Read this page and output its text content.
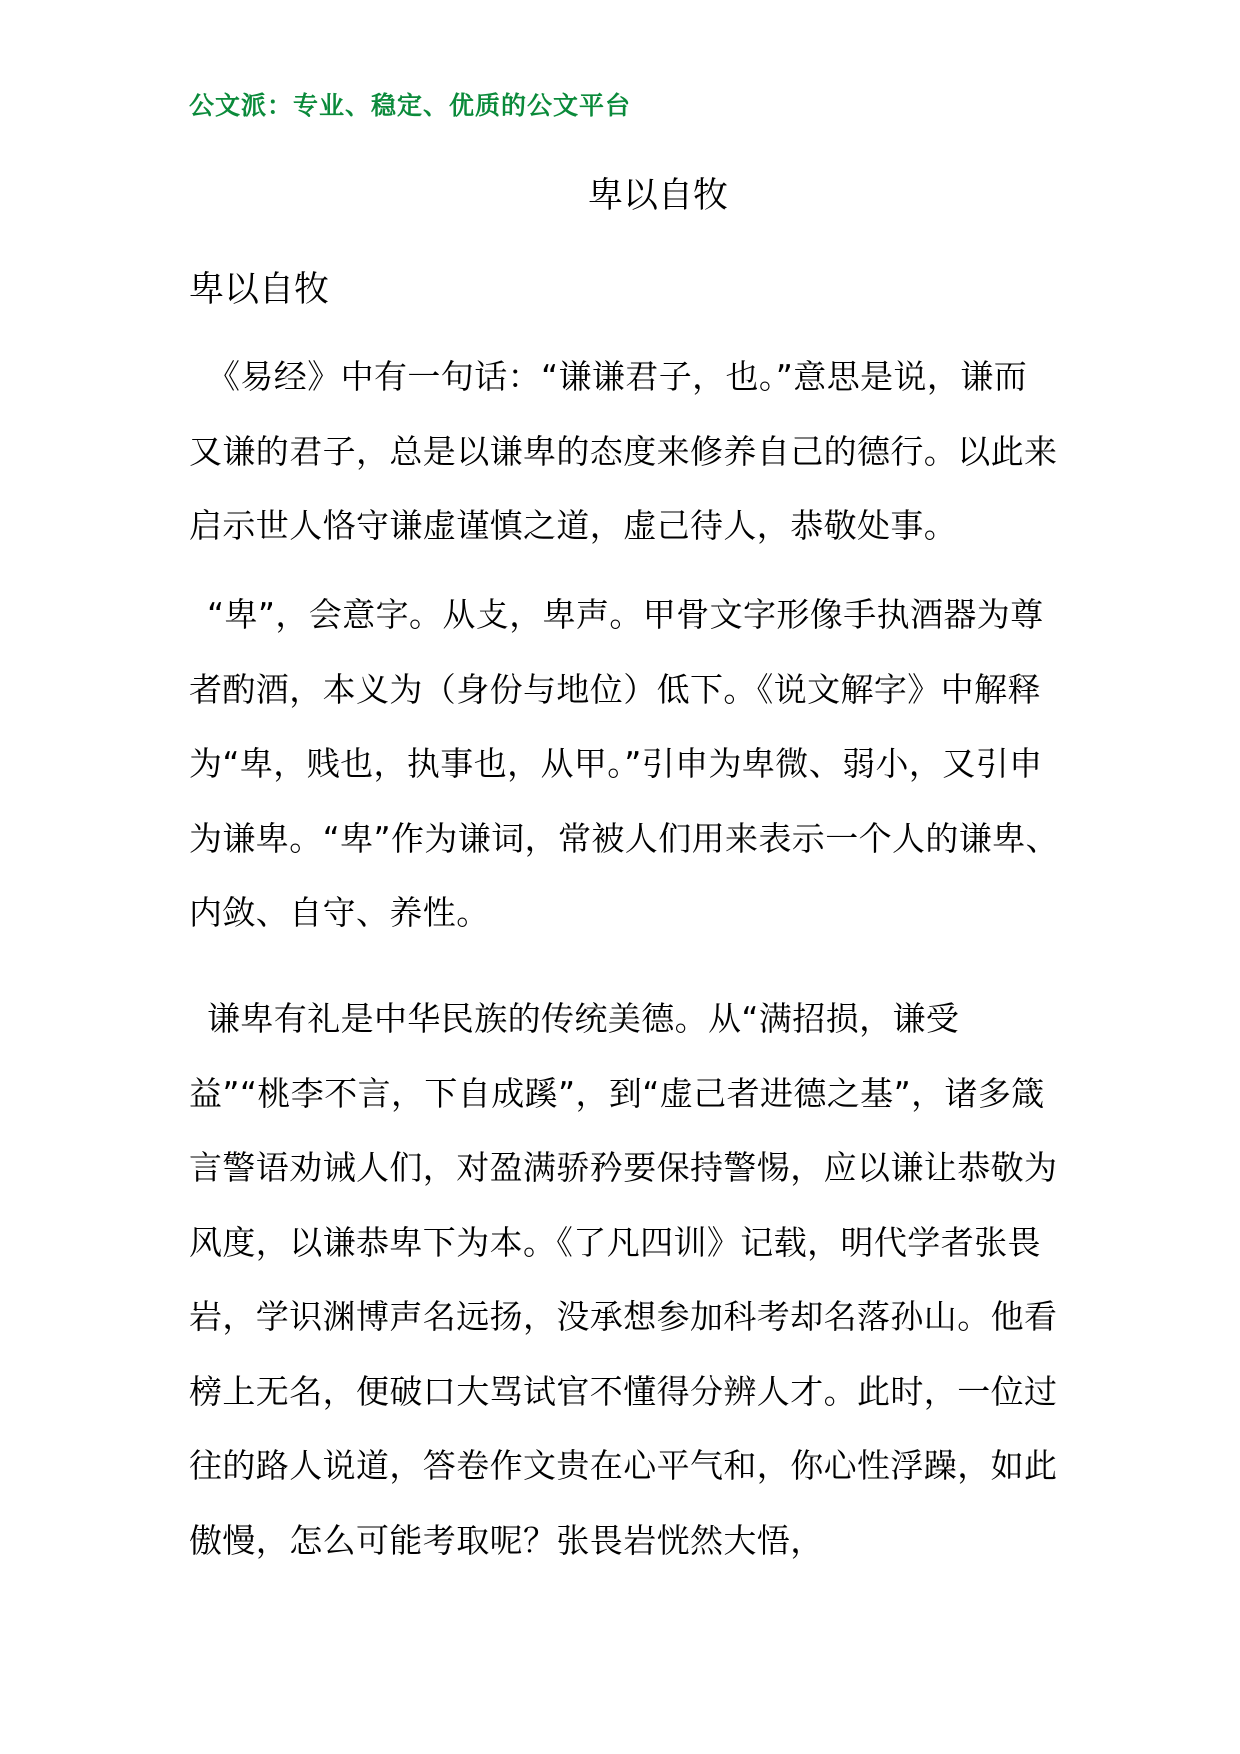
公文派：专业、稳定、优质的公文平台
卑以自牧
卑以自牧

《易经》中有一句话：“谦谦君子，也。”意思是说，谦而又谦的君子，总是以谦卑的态度来修养自己的德行。以此来启示世人恪守谦虚谨慎之道，虚己待人，恭敬处事。

“卑”，会意字。从攴，卑声。甲骨文字形像手执酒器为尊者酌酒，本义为（身份与地位）低下。《说文解字》中解释为“卑，贱也，执事也，从甲。”引申为卑微、弱小，又引申为谦卑。“卑”作为谦词，常被人们用来表示一个人的谦卑、内敛、自守、养性。

谦卑有礼是中华民族的传统美德。从“满招损，谦受益”“桃李不言，下自成蹊”，到“虚己者进德之基”，诸多箴言警语劝诫人们，对盈满骄矜要保持警惕，应以谦让恭敬为风度，以谦恭卑下为本。《了凡四训》记载，明代学者张畏岩，学识渊博声名远扬，没承想参加科考却名落孙山。他看榜上无名，便破口大骂试官不懂得分辨人才。此时，一位过往的路人说道，答卷作文贵在心平气和，你心性浮躁，如此傲慢，怎么可能考取呢？张畏岩恍然大悟，
